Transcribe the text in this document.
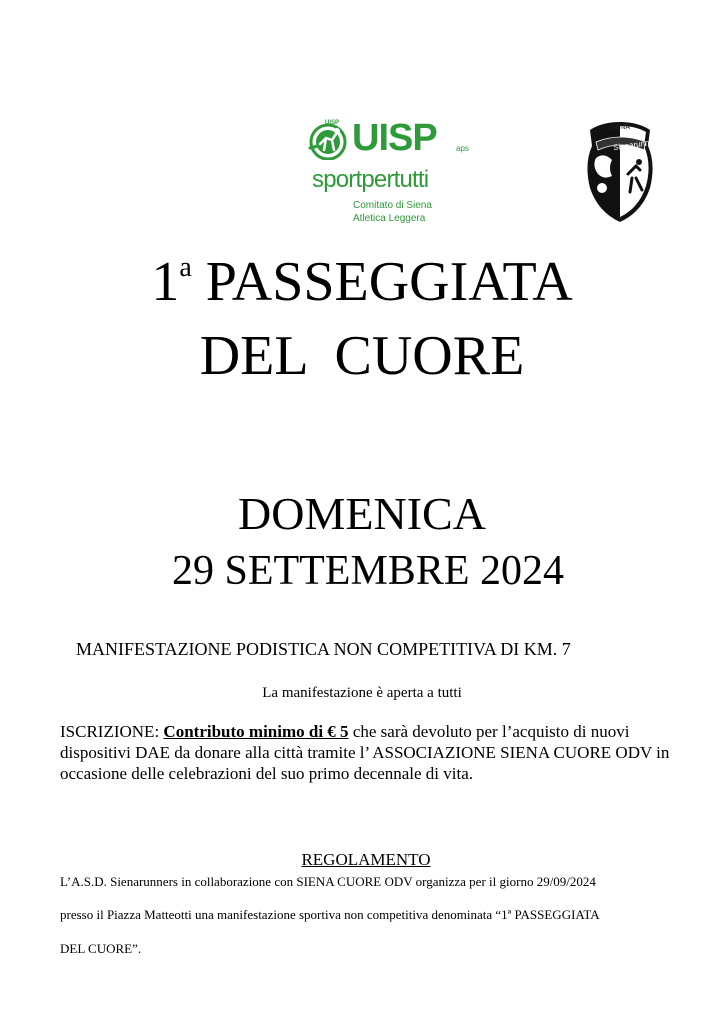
UISP UISP aps
sportpertutti
Comitato di Siena
Atletica Leggera
SIENA
Sienarunners
1$^a$ PASSEGGIATA
DEL  CUORE
DOMENICA
29 SETTEMBRE 2024
MANIFESTAZIONE PODISTICA NON COMPETITIVA DI KM. 7
La manifestazione è aperta a tutti
ISCRIZIONE: Contributo minimo di € 5 che sarà devoluto per l’acquisto di nuovi dispositivi DAE da donare alla città tramite l’ ASSOCIAZIONE SIENA CUORE ODV in occasione delle celebrazioni del suo primo decennale di vita.
REGOLAMENTO
L’A.S.D. Sienarunners in collaborazione con SIENA CUORE ODV organizza per il giorno 29/09/2024
presso il Piazza Matteotti una manifestazione sportiva non competitiva denominata “1ª PASSEGGIATA
DEL CUORE”.
